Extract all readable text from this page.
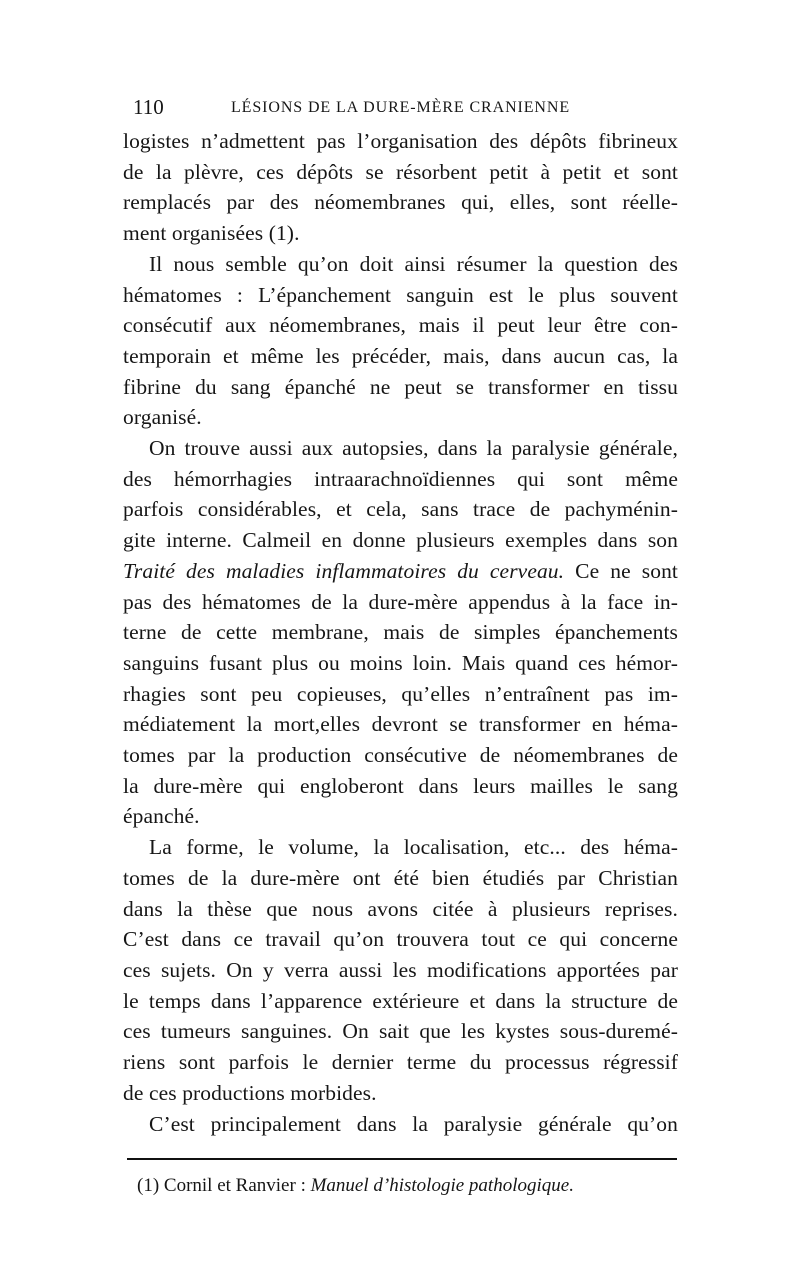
110	LÉSIONS DE LA DURE-MÈRE CRANIENNE
logistes n’admettent pas l’organisation des dépôts fibrineux
de la plèvre, ces dépôts se résorbent petit à petit et sont
remplacés par des néomembranes qui, elles, sont réelle-
ment organisées (1).
Il nous semble qu’on doit ainsi résumer la question des
hématomes : L’épanchement sanguin est le plus souvent
consécutif aux néomembranes, mais il peut leur être con-
temporain et même les précéder, mais, dans aucun cas, la
fibrine du sang épanché ne peut se transformer en tissu
organisé.
On trouve aussi aux autopsies, dans la paralysie générale,
des hémorrhagies intraarachnoïdiennes qui sont même
parfois considérables, et cela, sans trace de pachyménin-
gite interne. Calmeil en donne plusieurs exemples dans son
Traité des maladies inflammatoires du cerveau. Ce ne sont
pas des hématomes de la dure-mère appendus à la face in-
terne de cette membrane, mais de simples épanchements
sanguins fusant plus ou moins loin. Mais quand ces hémor-
rhagies sont peu copieuses, qu’elles n’entraînent pas im-
médiatement la mort,elles devront se transformer en héma-
tomes par la production consécutive de néomembranes de
la dure-mère qui engloberont dans leurs mailles le sang
épanché.
La forme, le volume, la localisation, etc... des héma-
tomes de la dure-mère ont été bien étudiés par Christian
dans la thèse que nous avons citée à plusieurs reprises.
C’est dans ce travail qu’on trouvera tout ce qui concerne
ces sujets. On y verra aussi les modifications apportées par
le temps dans l’apparence extérieure et dans la structure de
ces tumeurs sanguines. On sait que les kystes sous-duremé-
riens sont parfois le dernier terme du processus régressif
de ces productions morbides.
C’est principalement dans la paralysie générale qu’on
(1) Cornil et Ranvier : Manuel d’histologie pathologique.
